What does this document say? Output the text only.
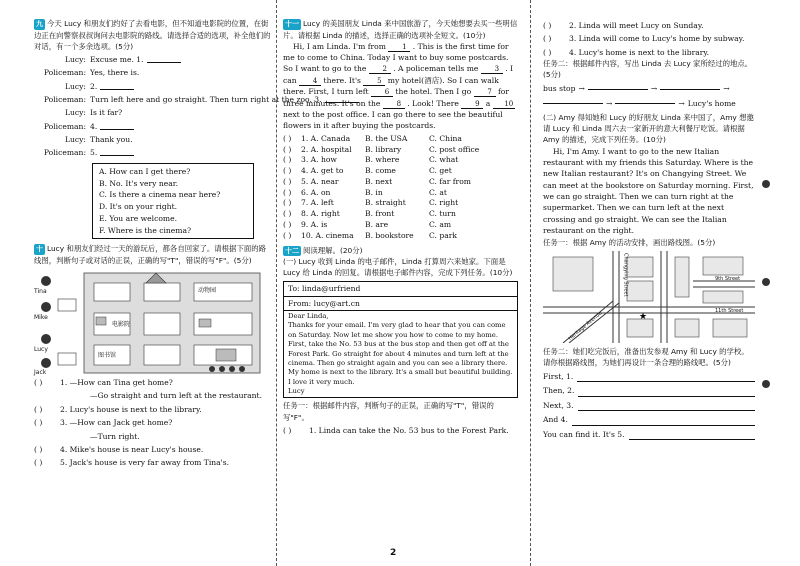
九 今天 Lucy 和朋友们约好了去看电影，但不知道电影院的位置，在街边正在向警察叔叔询问去电影院的路线。请选择合适的选项，补全他们的对话，有一个多余选项。(5分)

Lucy: Excuse me. 1.
Policeman: Yes, there is.
Lucy: 2.
Policeman: Turn left here and go straight. Then turn right at the zoo. 3.
Lucy: Is it far?
Policeman: 4.
Lucy: Thank you.
Policeman: 5.
A. How can I get there?
B. No. It's very near.
C. Is there a cinema near here?
D. It's on your right.
E. You are welcome.
F. Where is the cinema?

十 Lucy 和朋友们经过一天的游玩后，都各自回家了。请根据下面的路线图，判断句子或对话的正误，正确的写"T"，错误的写"F"。(5分)

Tina
Mike
Lucy
Jack
动物园
电影院
图书馆
( )	1. —How can Tina get home?
—Go straight and turn left at the restaurant.
( )	2. Lucy's house is next to the library.
( )	3. —How can Jack get home?
—Turn right.
( )	4. Mike's house is near Lucy's house.
( )	5. Jack's house is very far away from Tina's.

十一 Lucy 的美国朋友 Linda 来中国旅游了，今天她想要去买一些明信片。请根据 Linda 的描述，选择正确的选项补全短文。(10分)

Hi, I am Linda. I'm from 1 . This is the first time for me to come to China. Today I want to buy some postcards. So I want to go to the 2 . A policeman tells me 3 . I can 4 there. It's 5 my hotel(酒店). So I can walk there. First, I turn left 6 the hotel. Then I go 7 for three minutes. It's on the 8 . Look! There 9 a 10 next to the post office. I can go there to see the beautiful flowers in it after buying the postcards.

( )	1. A. Canada	B. the USA	C. China
( )	2. A. hospital	B. library	C. post office
( )	3. A. how	B. where	C. what
( )	4. A. get to	B. come	C. get
( )	5. A. near	B. next	C. far from
( )	6. A. on	B. in	C. at
( )	7. A. left	B. straight	C. right
( )	8. A. right	B. front	C. turn
( )	9. A. is	B. are	C. am
( )	10. A. cinema	B. bookstore	C. park

十二 阅读理解。(20分)

(一) Lucy 收到 Linda 的电子邮件，Linda 打算周六来她家。下面是 Lucy 给 Linda 的回复。请根据电子邮件内容，完成下列任务。(10分)

To: linda@urfriend
From: lucy@art.cn
Dear Linda,
Thanks for your email. I'm very glad to hear that you can come on Saturday. Now let me show you how to come to my home. First, take the No. 53 bus at the bus stop and then get off at the Forest Park. Go straight for about 4 minutes and turn left at the cinema. Then go straight again and you can see a library there. My home is next to the library. It's a small but beautiful building. I love it very much.
Lucy

任务一：根据邮件内容，判断句子的正误，正确的写"T"，错误的写"F"。

( )	1. Linda can take the No. 53 bus to the Forest Park.
( )	2. Linda will meet Lucy on Sunday.
( )	3. Linda will come to Lucy's home by subway.
( )	4. Lucy's home is next to the library.

任务二：根据邮件内容，写出 Linda 去 Lucy 家所经过的地点。(5分)

bus stop →	→	→
→	→ Lucy's home

(二) Amy 得知她和 Lucy 的好朋友 Linda 来中国了，Amy 想邀请 Lucy 和 Linda 周六去一家新开的意大利餐厅吃饭。请根据 Amy 的描述，完成下列任务。(10分)

Hi, I'm Amy. I want to go to the new Italian restaurant with my friends this Saturday. Where is the new Italian restaurant? It's on Changying Street. We can meet at the bookstore on Saturday morning. First, we can go straight. Then we can turn right at the supermarket. Then we can turn left at the next crossing and go straight. We can see the Italian restaurant on the right.

任务一：根据 Amy 的活动安排，画出路线图。(5分)

★
Changying Street	9th Street
11th Street
Heritage Avenue

任务二：她们吃完饭后，准备出发参观 Amy 和 Lucy 的学校。请你根据路线图，为她们再设计一条合理的路线吧。(5分)

First, 1.
Then, 2.
Next, 3.
And 4.
You can find it. It's 5.
2
